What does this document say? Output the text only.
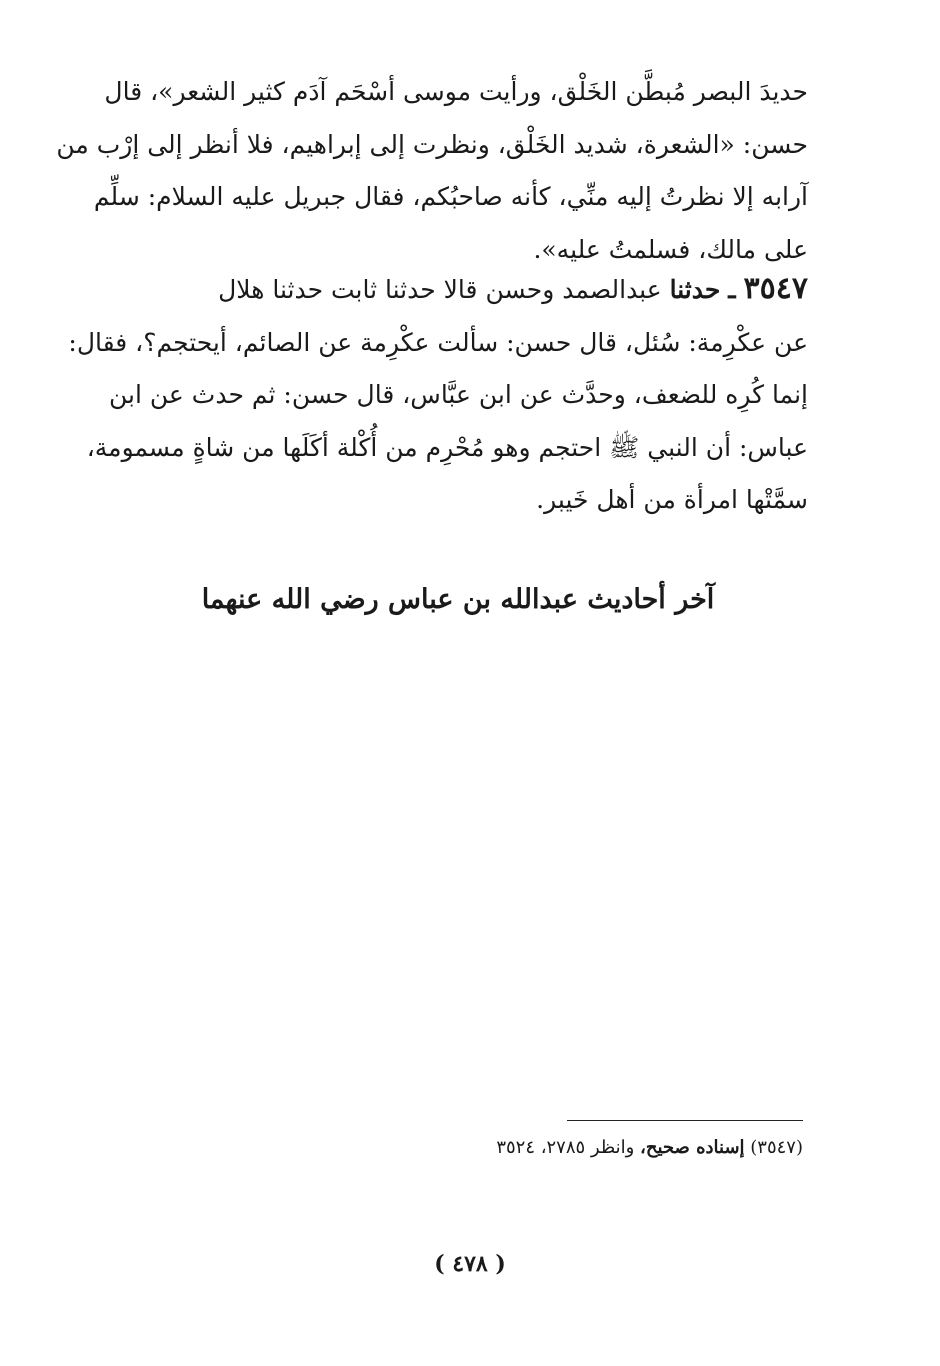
حديدَ البصر مُبطَّن الخَلْق، ورأيت موسى أسْحَم آدَم كثير الشعر»، قال
حسن: «الشعرة، شديد الخَلْق، ونظرت إلى إبراهيم، فلا أنظر إلى إرْب من
آرابه إلا نظرتُ إليه منِّي، كأنه صاحبُكم، فقال جبريل عليه السلام: سلِّم
على مالك، فسلمتُ عليه».
٣٥٤٧ ـ حدثنا عبدالصمد وحسن قالا حدثنا ثابت حدثنا هلال
عن عكْرِمة: سُئل، قال حسن: سألت عكْرِمة عن الصائم، أيحتجم؟، فقال:
إنما كُرِه للضعف، وحدَّث عن ابن عبَّاس، قال حسن: ثم حدث عن ابن
عباس: أن النبي ﷺ احتجم وهو مُحْرِم من أُكْلة أكَلَها من شاةٍ مسمومة،
سمَّتْها امرأة من أهل خَيبر.
آخر أحاديث عبدالله بن عباس رضي الله عنهما
(٣٥٤٧) إسناده صحيح، وانظر ٢٧٨٥، ٣٥٢٤
( ٤٧٨ )
